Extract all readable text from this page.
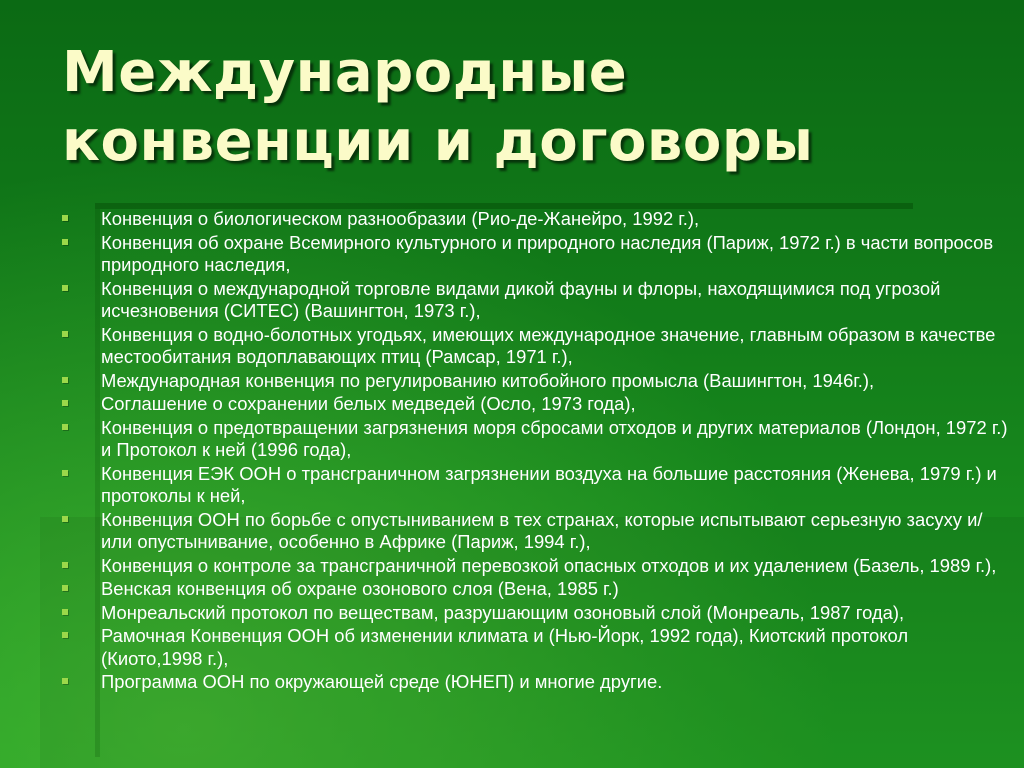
Международные
конвенции и договоры
Конвенция о биологическом разнообразии (Рио-де-Жанейро, 1992 г.),
Конвенция об охране Всемирного культурного и природного наследия (Париж, 1972 г.) в части вопросов природного наследия,
Конвенция о международной торговле видами дикой фауны и флоры, находящимися под угрозой исчезновения (СИТЕС) (Вашингтон, 1973 г.),
Конвенция о водно-болотных угодьях, имеющих международное значение, главным образом в качестве местообитания водоплавающих птиц (Рамсар, 1971 г.),
Международная конвенция по регулированию китобойного промысла (Вашингтон, 1946г.),
Соглашение о сохранении белых медведей (Осло, 1973 года),
Конвенция о предотвращении загрязнения моря сбросами отходов и других материалов (Лондон, 1972 г.) и Протокол к ней (1996 года),
Конвенция ЕЭК ООН о трансграничном загрязнении воздуха на большие расстояния (Женева, 1979 г.) и протоколы к ней,
Конвенция ООН по борьбе с опустыниванием в тех странах, которые испытывают серьезную засуху и/или опустынивание, особенно в Африке (Париж, 1994 г.),
Конвенция о контроле за трансграничной перевозкой опасных отходов и их удалением (Базель, 1989 г.),
Венская конвенция об охране озонового слоя (Вена, 1985 г.)
Монреальский протокол по веществам, разрушающим озоновый слой (Монреаль, 1987 года),
Рамочная Конвенция ООН об изменении климата и (Нью-Йорк, 1992 года), Киотский протокол (Киото,1998 г.),
Программа ООН по окружающей среде (ЮНЕП) и многие другие.
